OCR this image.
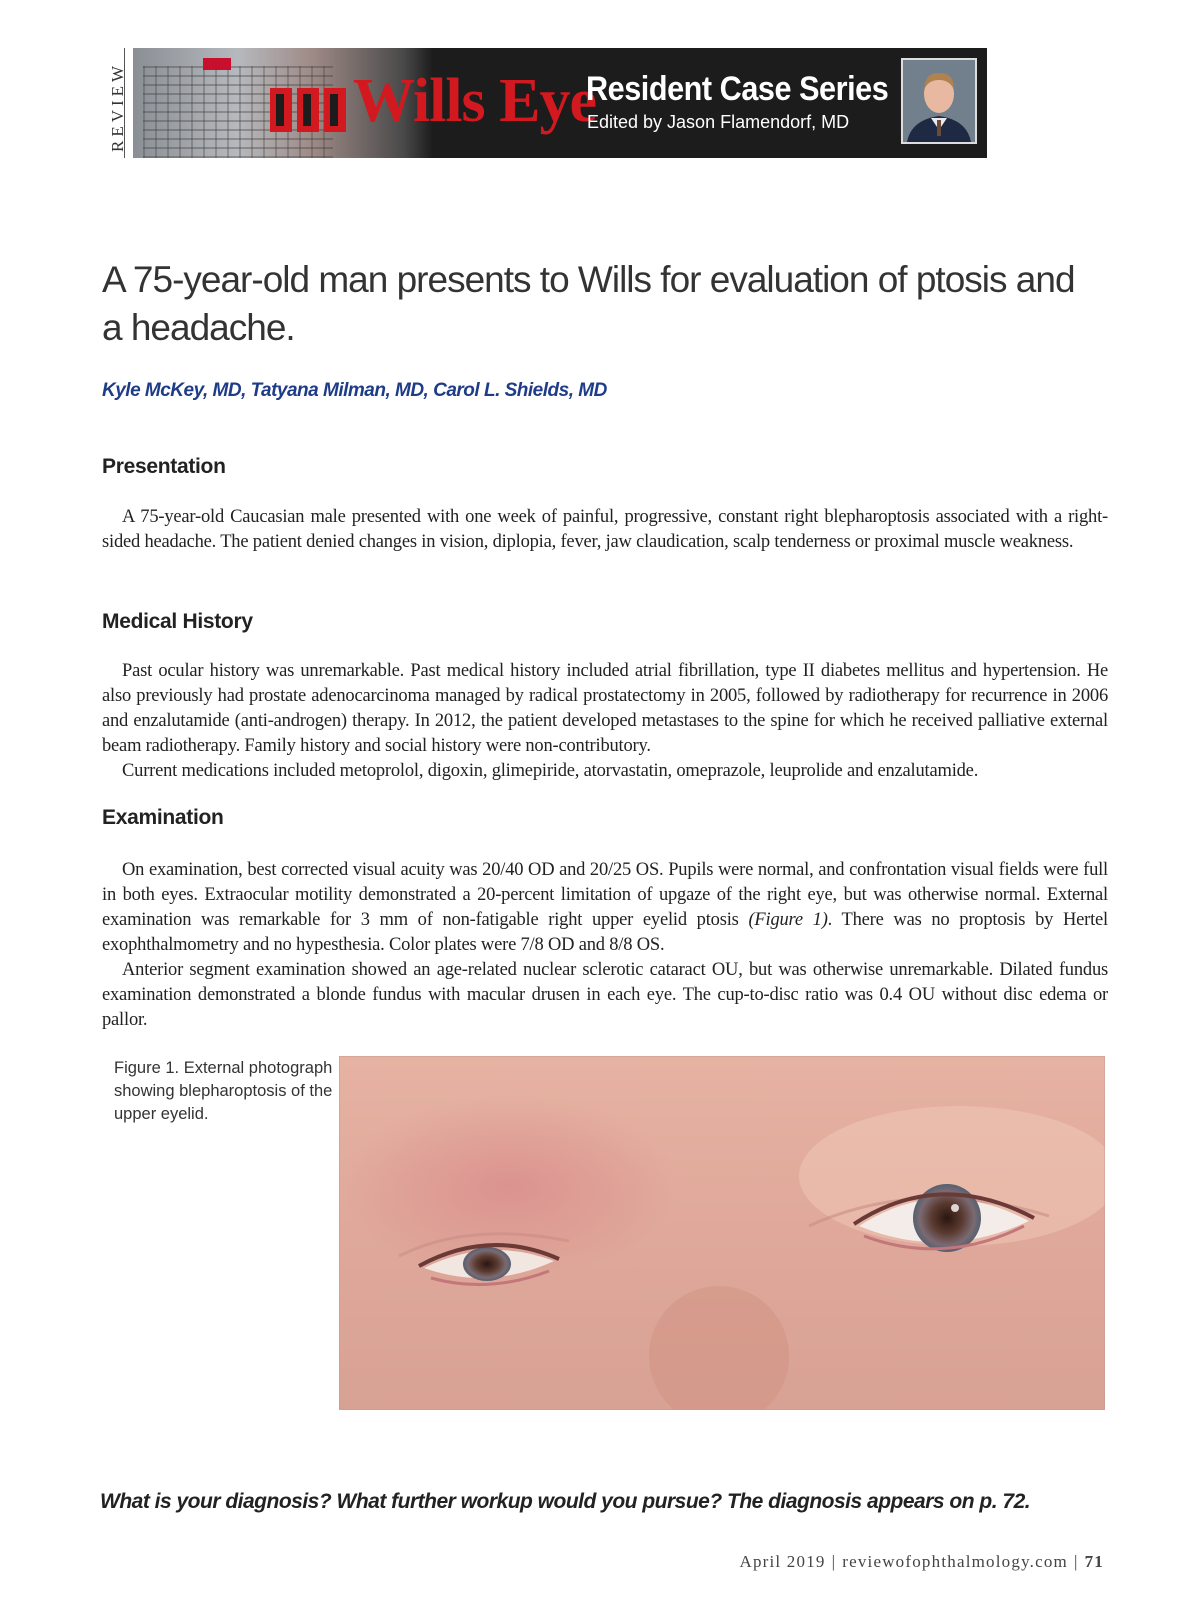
REVIEW	Wills Eye
Resident Case Series
Edited by Jason Flamendorf, MD
A 75-year-old man presents to Wills for evaluation of ptosis and a headache.
Kyle McKey, MD, Tatyana Milman, MD, Carol L. Shields, MD
Presentation

A 75-year-old Caucasian male presented with one week of painful, progressive, constant right blepharoptosis associated with a right-sided headache. The patient denied changes in vision, diplopia, fever, jaw claudication, scalp tenderness or proximal muscle weakness.

Medical History

Past ocular history was unremarkable. Past medical history included atrial fibrillation, type II diabetes mellitus and hypertension. He also previously had prostate adenocarcinoma managed by radical prostatectomy in 2005, followed by radiotherapy for recurrence in 2006 and enzalutamide (anti-androgen) therapy. In 2012, the patient developed metastases to the spine for which he received palliative external beam radiotherapy. Family history and social history were non-contributory.

Current medications included metoprolol, digoxin, glimepiride, atorvastatin, omeprazole, leuprolide and enzalutamide.

Examination

On examination, best corrected visual acuity was 20/40 OD and 20/25 OS. Pupils were normal, and confrontation visual fields were full in both eyes. Extraocular motility demonstrated a 20-percent limitation of upgaze of the right eye, but was otherwise normal. External examination was remarkable for 3 mm of non-fatigable right upper eyelid ptosis (Figure 1). There was no proptosis by Hertel exophthalmometry and no hypesthesia. Color plates were 7/8 OD and 8/8 OS.

Anterior segment examination showed an age-related nuclear sclerotic cataract OU, but was otherwise unremarkable. Dilated fundus examination demonstrated a blonde fundus with macular drusen in each eye. The cup-to-disc ratio was 0.4 OU without disc edema or pallor.

Figure 1. External photograph showing blepharoptosis of the upper eyelid.

What is your diagnosis? What further workup would you pursue? The diagnosis appears on p. 72.

April 2019 | reviewofophthalmology.com | 71
